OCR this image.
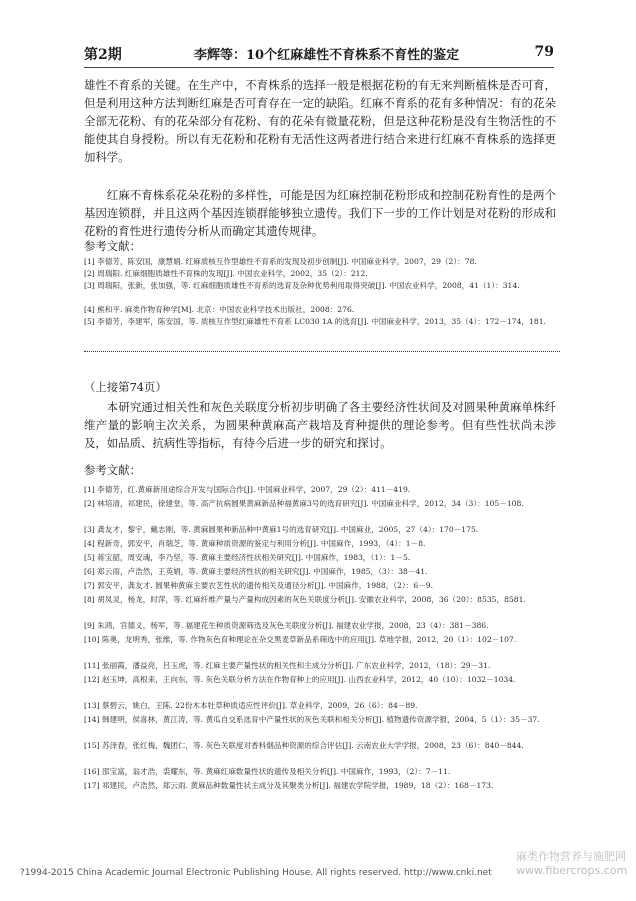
第2期	李辉等：10个红麻雄性不育株系不育性的鉴定	79

雄性不育系的关键。在生产中，不育株系的选择一般是根据花粉的有无来判断植株是否可育，但是利用这种方法判断红麻是否可育存在一定的缺陷。红麻不育系的花有多种情况：有的花朵全部无花粉、有的花朵部分有花粉、有的花朵有微量花粉，但是这种花粉是没有生物活性的不能使其自身授粉。所以有无花粉和花粉有无活性这两者进行结合来进行红麻不育株系的选择更加科学。

红麻不育株系花朵花粉的多样性，可能是因为红麻控制花粉形成和控制花粉育性的是两个基因连锁群，并且这两个基因连锁群能够独立遗传。我们下一步的工作计划是对花粉的形成和花粉的育性进行遗传分析从而确定其遗传规律。

参考文献：

[1] 李德芳，陈安国，康慧娟. 红麻质核互作型雄性不育系的发现及初步创制[J]. 中国麻业科学，2007，29（2）：78.

[2] 周瑞阳. 红麻细胞质雄性不育株的发现[J]. 中国农业科学，2002，35（2）：212.

[3] 周瑞阳，张新，张加强，等. 红麻细胞质雄性不育系的选育及杂种优势利用取得突破[J]. 中国农业科学，2008，41（1）：314.

[4] 熊和平. 麻类作物育种学[M]. 北京：中国农业科学技术出版社，2008：276.

[5] 李德芳，李建军，陈安国，等. 质核互作型红麻雄性不育系 LC030 1A 的选育[J]. 中国麻业科学，2013，35（4）：172－174，181.

（上接第74页）

本研究通过相关性和灰色关联度分析初步明确了各主要经济性状间及对圆果种黄麻单株纤维产量的影响主次关系，为圆果种黄麻高产栽培及育种提供的理论参考。但有些性状尚未涉及，如品质、抗病性等指标，有待今后进一步的研究和探讨。

参考文献：

[1] 李德芳，红.黄麻新用途综合开发与国际合作[J]. 中国麻业科学，2007，29（2）：411－419.

[2] 林培清，祁建民，徐建堂，等. 高产抗病圆果黄麻新品种福黄麻3号的选育研究[J]. 中国麻业科学，2012，34（3）：105－108.

[3] 龚友才，黎宇，戴志刚，等. 黄麻圆果种新品种中黄麻1号的选育研究[J]. 中国麻业，2005，27（4）：170－175.

[4] 程新奇，郭安平，肖瑞芝，等. 黄麻种质资源的鉴定与利用分析[J]. 中国麻作，1993，（4）：1－8.

[5] 蒋宝韶，周安魂，李乃坚，等. 黄麻主要经济性状相关研究[J]. 中国麻作，1983，（1）：1－5.

[6] 郑云雨，卢浩然，王英娟，等. 黄麻主要经济性状的相关研究[J]. 中国麻作，1985，（3）：38－41.

[7] 郭安平，龚友才. 圆果种黄麻主要农艺性状的遗传相关及通径分析[J]. 中国麻作，1988，（2）：6－9.

[8] 胡凤灵，杨龙，时萍，等. 红麻纤维产量与产量构成因素的灰色关联度分析[J]. 安徽农业科学，2008，36（20）：8535，8581.

[9] 朱鸿，官德义，杨军，等. 福建花生种质资源筛选及灰色关联度分析[J]. 福建农业学报，2008，23（4）：381－386.

[10] 陈奥，龙明秀，张维，等. 作物灰色育种理论在杂交黑麦草新品系筛选中的应用[J]. 草地学报，2012，20（1）：102－107.

[11] 张丽霞，潘益亮，吕玉虎，等. 红麻主要产量性状的相关性和主成分分析[J]. 广东农业科学，2012，（18）：29－31.

[12] 赵玉坤，高根来，王向东，等. 灰色关联分析方法在作物育种上的应用[J]. 山西农业科学，2012，40（10）：1032－1034.

[13] 蔡碧云，姚白，王陈. 22份木本牡草种质适应性评价[J]. 草业科学，2009，26（6）：84－89.

[14] 韩建明，侯喜林，黄江涛，等. 黄瓜自交系选育中产量性状的灰色关联和相关分析[J]. 植物遗传资源学报，2004，5（1）：35－37.

[15] 苏泽春，张红梅，魏团仁，等. 灰色关联度对香料烟品种资源的综合评估[J]. 云南农业大学学报，2008，23（6）：840－844.

[16] 邵宝富，翁才浩，裘耀东，等. 黄麻红麻数量性状的遗传及相关分析[J]. 中国麻作，1993，（2）：7－11.

[17] 祁建民，卢浩然，郑云雨. 黄麻品种数量性状主成分及其聚类分析[J]. 福建农学院学报，1989，18（2）：168－173.

?1994-2015 China Academic Journal Electronic Publishing House. All rights reserved. http://www.cnki.net
麻类作物营养与施肥网
www.fibercrops.com
